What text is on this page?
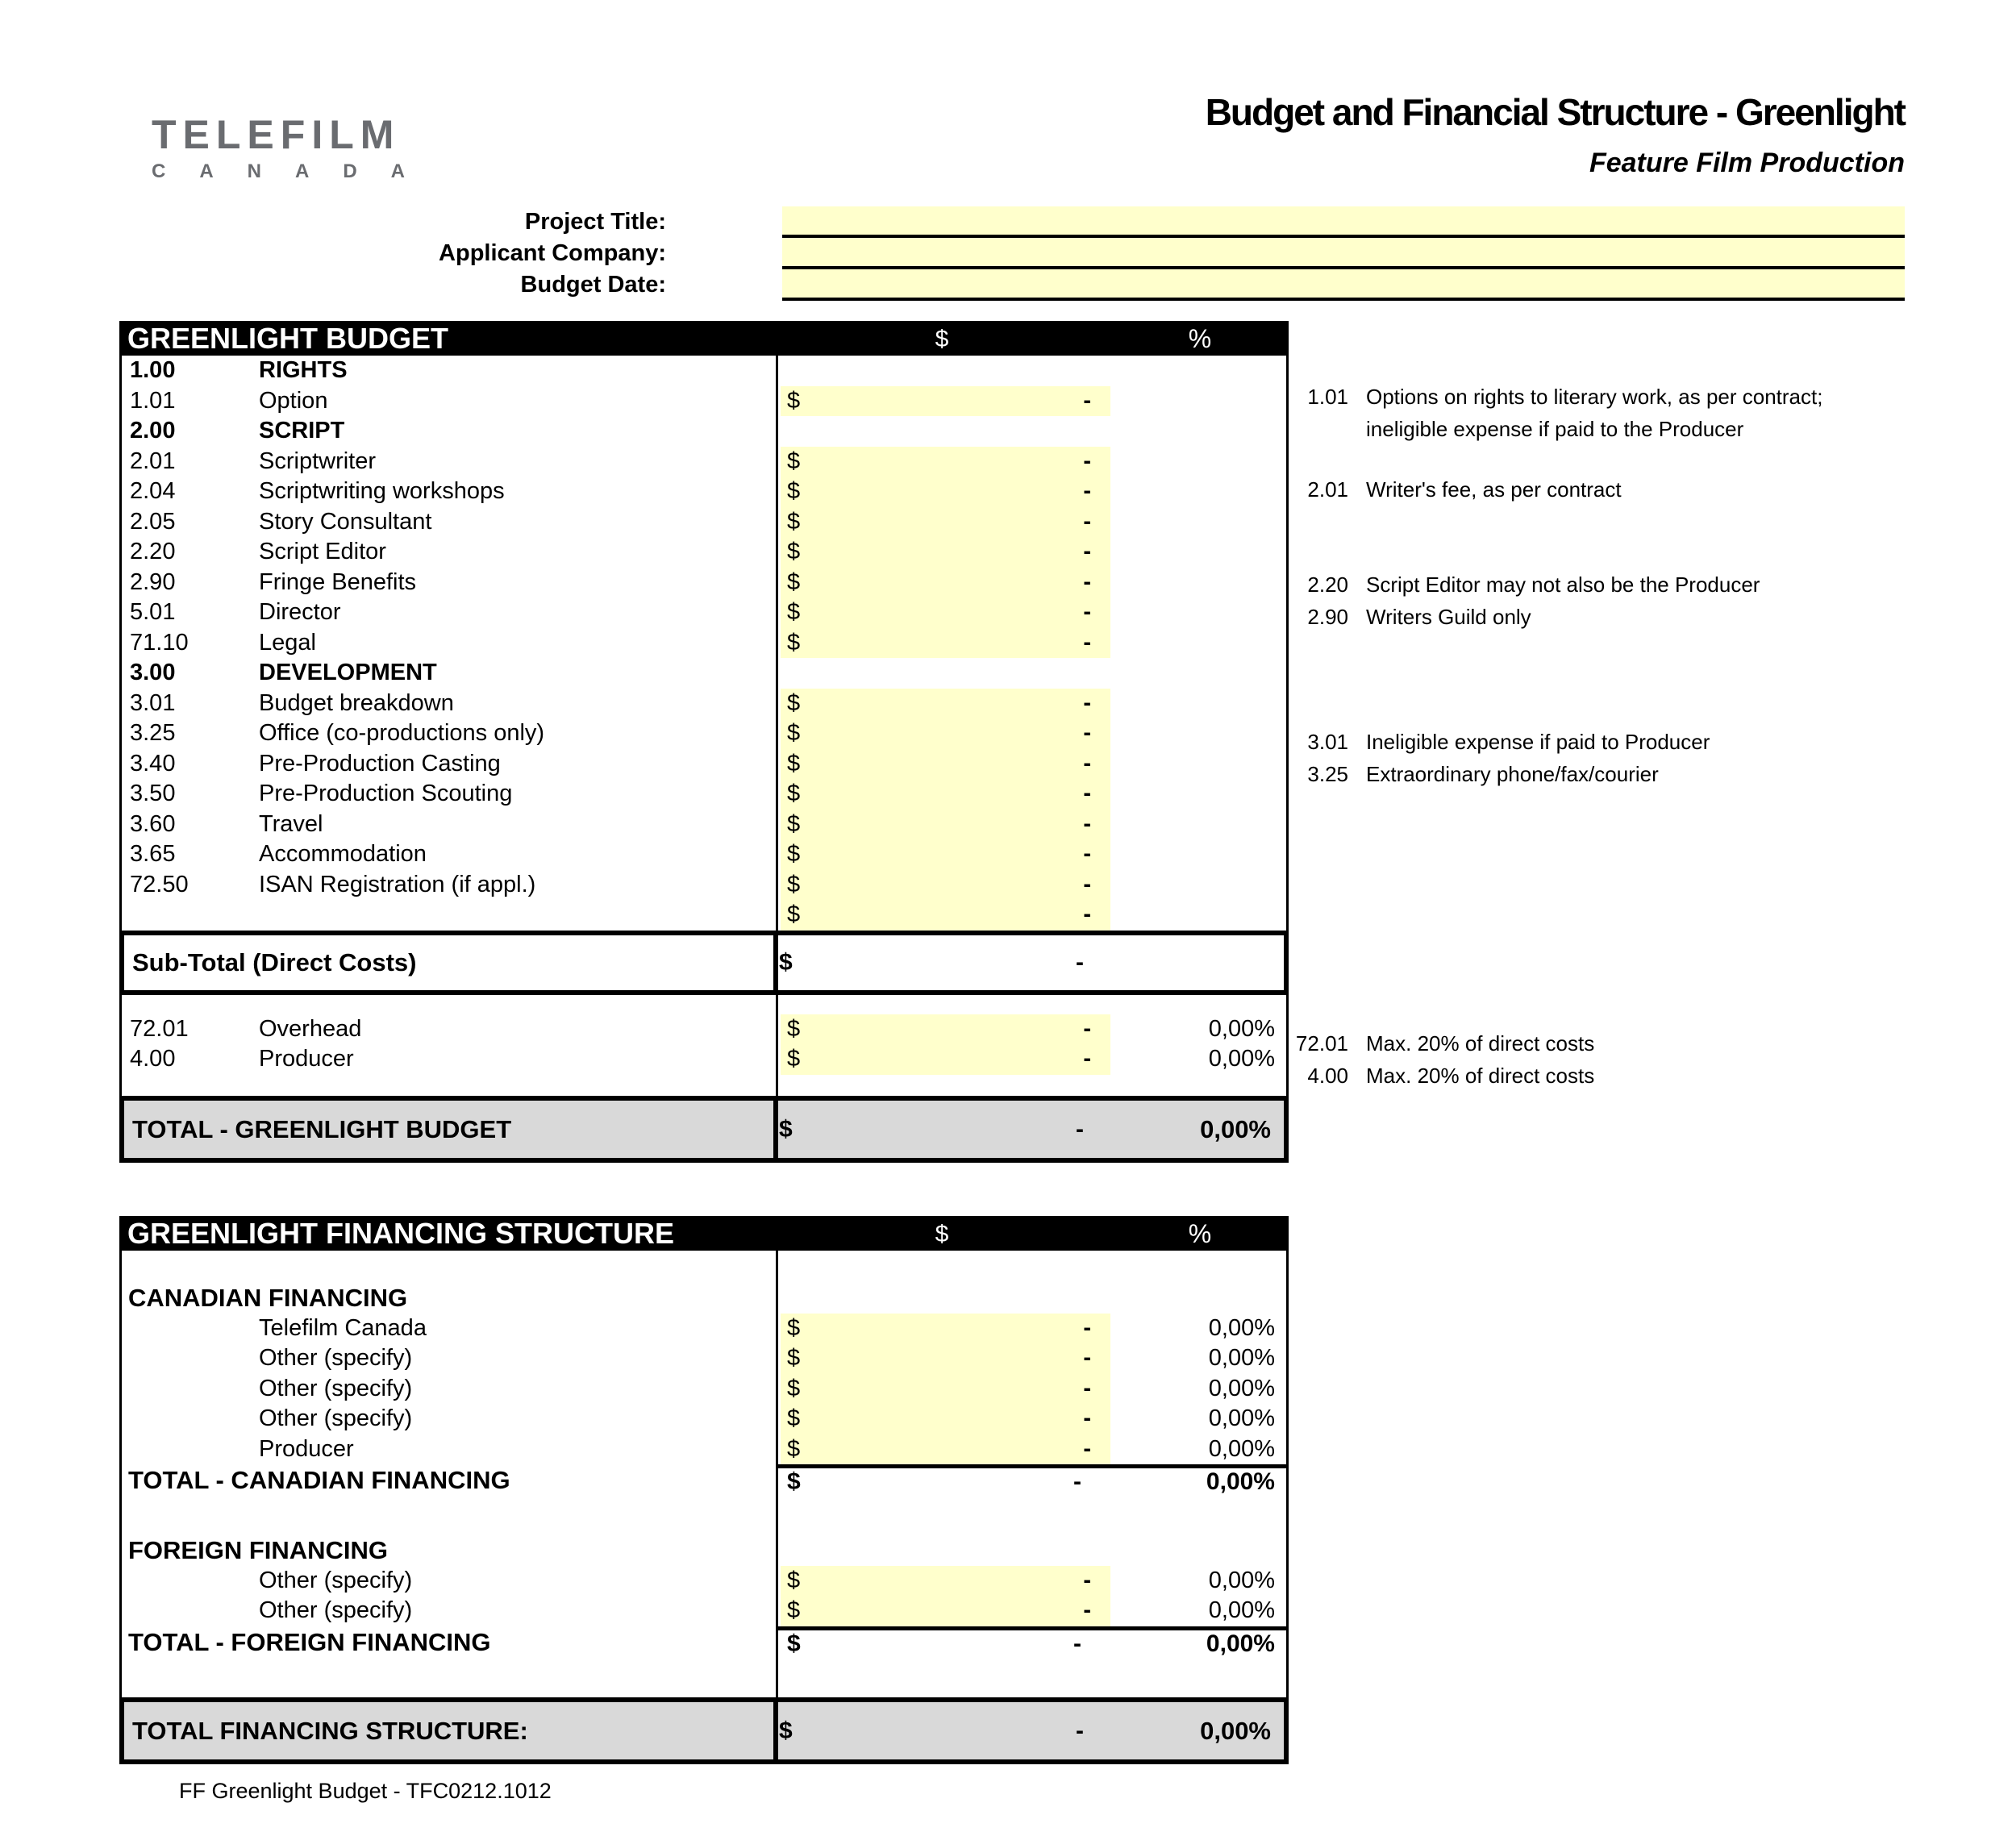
TELEFILM
CANADA
Budget and Financial Structure - Greenlight
Feature Film Production
Project Title:
Applicant Company:
Budget Date:
GREENLIGHT BUDGET	$	%
1.00	RIGHTS
1.01	Option	$	-
2.00	SCRIPT
2.01	Scriptwriter	$	-
2.04	Scriptwriting workshops	$	-
2.05	Story Consultant	$	-
2.20	Script Editor	$	-
2.90	Fringe Benefits	$	-
5.01	Director	$	-
71.10	Legal	$	-
3.00	DEVELOPMENT
3.01	Budget breakdown	$	-
3.25	Office (co-productions only)	$	-
3.40	Pre-Production Casting	$	-
3.50	Pre-Production Scouting	$	-
3.60	Travel	$	-
3.65	Accommodation	$	-
72.50	ISAN Registration (if appl.)	$	-
$	-
Sub-Total (Direct Costs)	$	-
72.01	Overhead	$	-	0,00%
4.00	Producer	$	-	0,00%
TOTAL - GREENLIGHT BUDGET	$	-	0,00%
1.01 Options on rights to literary work, as per contract;
ineligible expense if paid to the Producer
2.01 Writer's fee, as per contract
2.20 Script Editor may not also be the Producer
2.90 Writers Guild only
3.01 Ineligible expense if paid to Producer
3.25 Extraordinary phone/fax/courier
72.01 Max. 20% of direct costs
4.00 Max. 20% of direct costs
GREENLIGHT FINANCING STRUCTURE	$	%
CANADIAN FINANCING
Telefilm Canada	$	-	0,00%
Other (specify)	$	-	0,00%
Other (specify)	$	-	0,00%
Other (specify)	$	-	0,00%
Producer	$	-	0,00%
TOTAL - CANADIAN FINANCING	$	-	0,00%
FOREIGN FINANCING
Other (specify)	$	-	0,00%
Other (specify)	$	-	0,00%
TOTAL - FOREIGN FINANCING	$	-	0,00%
TOTAL FINANCING STRUCTURE:	$	-	0,00%
FF Greenlight Budget - TFC0212.1012
